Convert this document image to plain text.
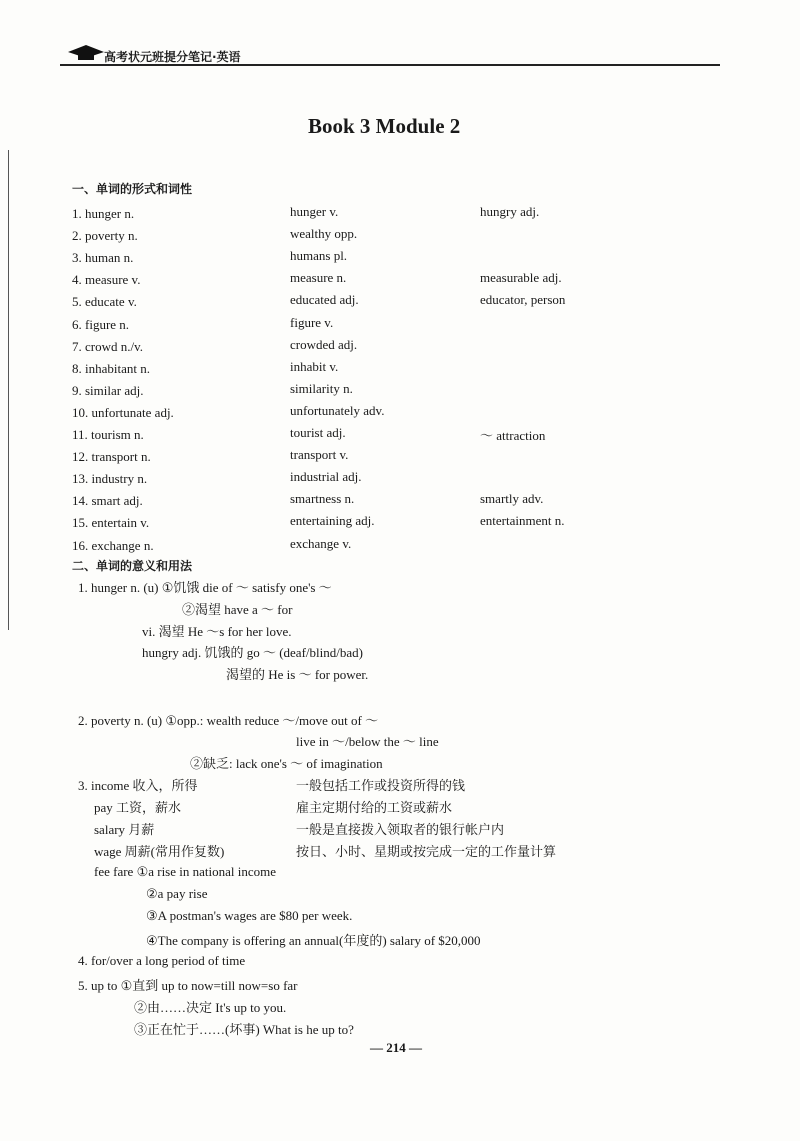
高考状元班提分笔记·英语
Book 3 Module 2
一、单词的形式和词性
1. hunger n.	hunger v.	hungry adj.
2. poverty n.	wealthy opp.
3. human n.	humans pl.
4. measure v.	measure n.	measurable adj.
5. educate v.	educated adj.	educator, person
6. figure n.	figure v.
7. crowd n./v.	crowded adj.
8. inhabitant n.	inhabit v.
9. similar adj.	similarity n.
10. unfortunate adj.	unfortunately adv.
11. tourism n.	tourist adj.	～ attraction
12. transport n.	transport v.
13. industry n.	industrial adj.
14. smart adj.	smartness n.	smartly adv.
15. entertain v.	entertaining adj.	entertainment n.
16. exchange n.	exchange v.
二、单词的意义和用法
1. hunger n. (u) ①饥饿 die of ～ satisfy one's ～
②渴望 have a ～ for
vi. 渴望 He ～s for her love.
hungry adj. 饥饿的 go ～ (deaf/blind/bad)
渴望的 He is ～ for power.
2. poverty n. (u) ①opp.: wealth reduce ～/move out of ～
live in ～/below the ～ line
②缺乏: lack one's ～ of imagination
3. income 收入，所得	一般包括工作或投资所得的钱
pay 工资，薪水	雇主定期付给的工资或薪水
salary 月薪	一般是直接拨入领取者的银行帐户内
wage 周薪(常用作复数)	按日、小时、星期或按完成一定的工作量计算
fee fare ①a rise in national income
②a pay rise
③A postman's wages are $80 per week.
④The company is offering an annual(年度的) salary of $20,000
4. for/over a long period of time
5. up to ①直到 up to now=till now=so far
②由……决定 It's up to you.
③正在忙于……(坏事) What is he up to?
— 214 —
